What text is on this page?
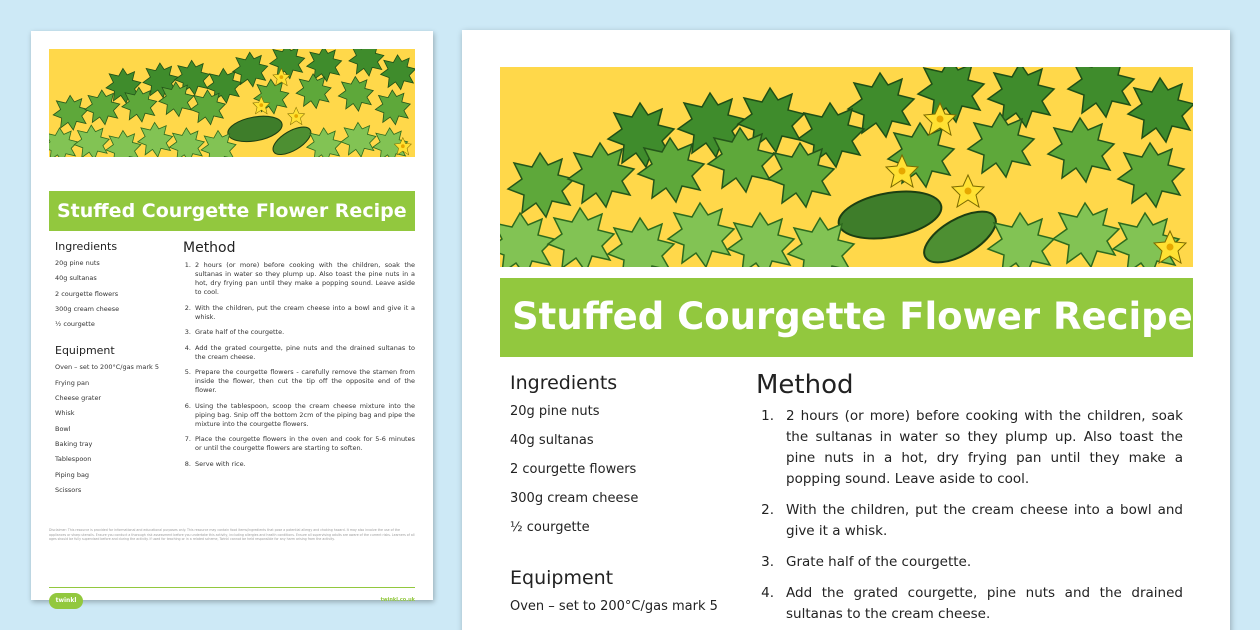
Stuffed Courgette Flower Recipe
Ingredients
20g pine nuts
40g sultanas
2 courgette flowers
300g cream cheese
½ courgette
Equipment
Oven – set to 200°C/gas mark 5
Frying pan
Cheese grater
Whisk
Bowl
Baking tray
Tablespoon
Piping bag
Scissors
Method
1. 2 hours (or more) before cooking with the children, soak the sultanas in water so they plump up. Also toast the pine nuts in a hot, dry frying pan until they make a popping sound. Leave aside to cool.
2. With the children, put the cream cheese into a bowl and give it a whisk.
3. Grate half of the courgette.
4. Add the grated courgette, pine nuts and the drained sultanas to the cream cheese.
5. Prepare the courgette flowers - carefully remove the stamen from inside the flower, then cut the tip off the opposite end of the flower.
6. Using the tablespoon, scoop the cream cheese mixture into the piping bag. Snip off the bottom 2cm of the piping bag and pipe the mixture into the courgette flowers.
7. Place the courgette flowers in the oven and cook for 5-6 minutes or until the courgette flowers are starting to soften.
8. Serve with rice.
Disclaimer: This resource is provided for informational and educational purposes only. This resource may contain food items/ingredients that pose a potential allergy and choking hazard. It may also involve the use of the appliances or sharp utensils. Ensure you conduct a thorough risk assessment before you undertake this activity, including allergies and health conditions. Ensure all supervising adults are aware of the current risks. Learners of all ages should be fully supervised before and during the activity. If used for teaching or in a related scheme, Twinkl cannot be held responsible for any harm arising from the activity.
twinkl	twinkl.co.uk
Stuffed Courgette Flower Recipe
Ingredients
20g pine nuts
40g sultanas
2 courgette flowers
300g cream cheese
½ courgette
Equipment
Oven – set to 200°C/gas mark 5
Method
1. 2 hours (or more) before cooking with the children, soak the sultanas in water so they plump up. Also toast the pine nuts in a hot, dry frying pan until they make a popping sound. Leave aside to cool.
2. With the children, put the cream cheese into a bowl and give it a whisk.
3. Grate half of the courgette.
4. Add the grated courgette, pine nuts and the drained sultanas to the cream cheese.
